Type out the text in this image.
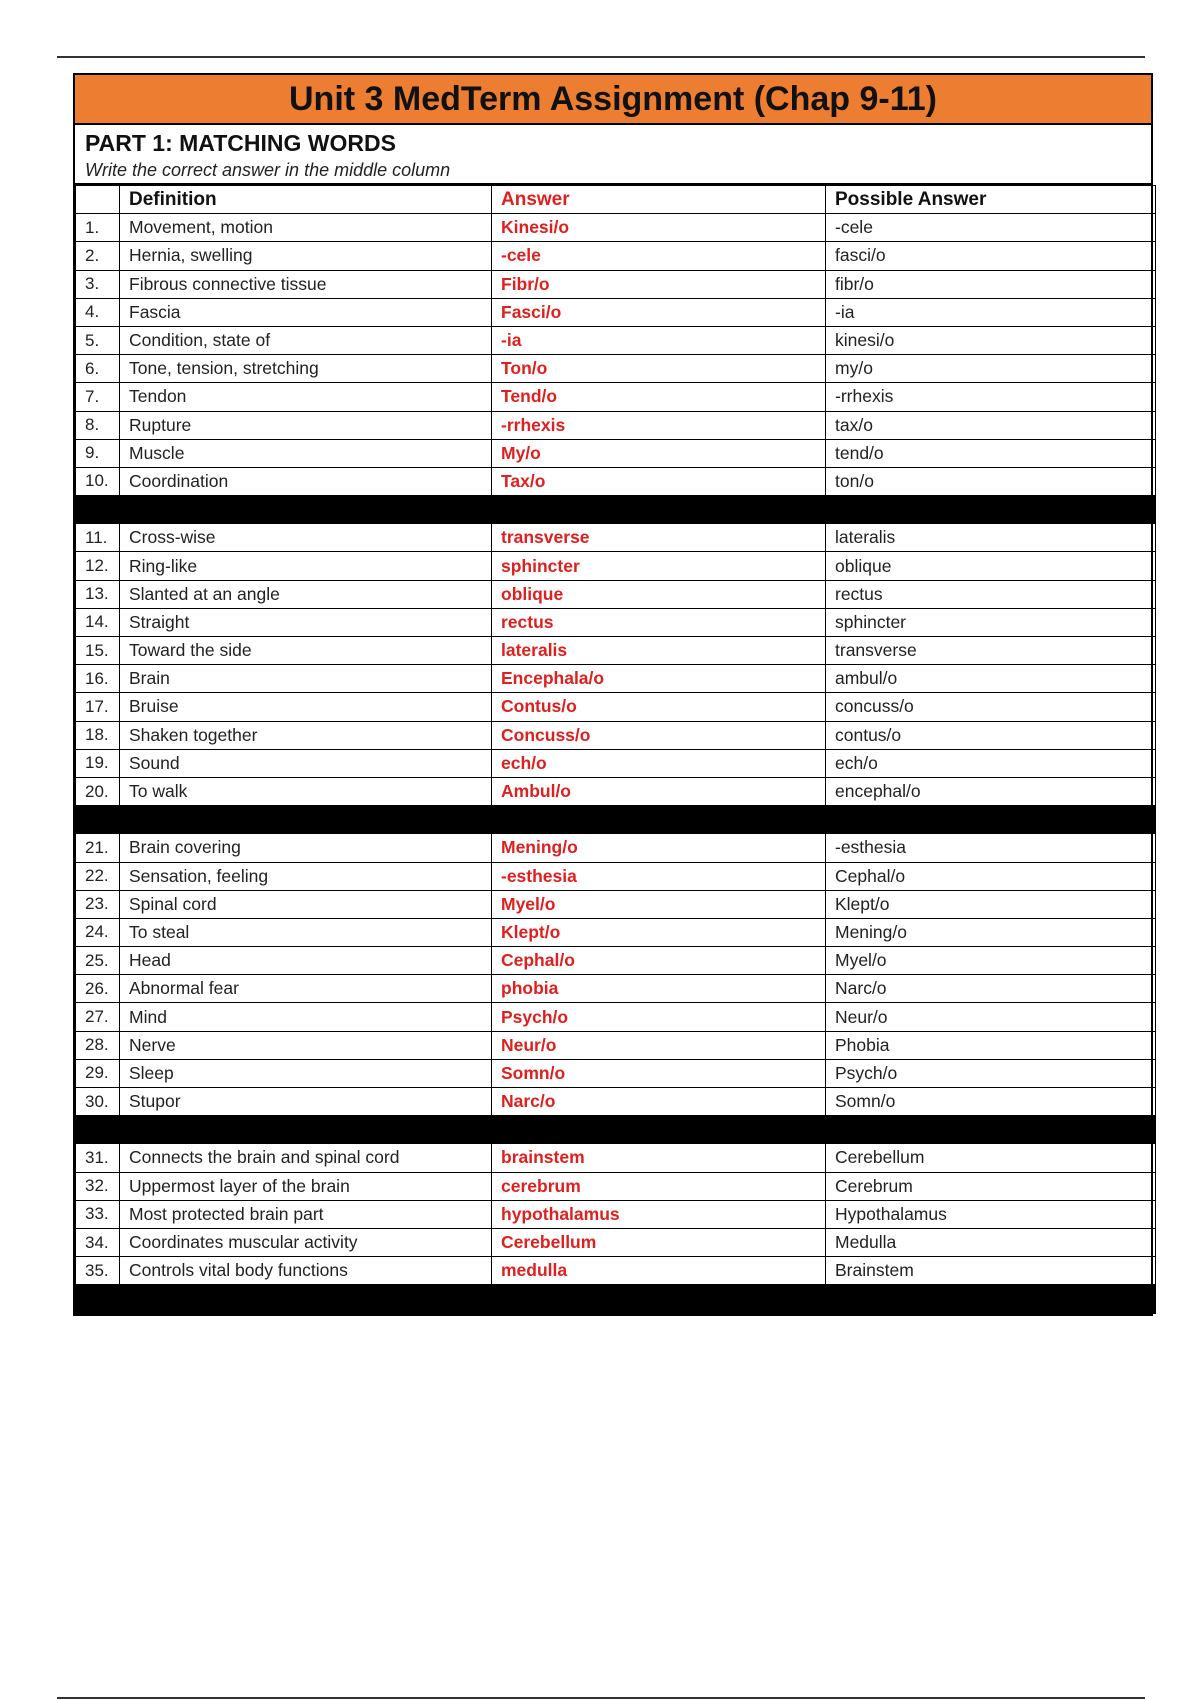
Unit 3 MedTerm Assignment (Chap 9-11)
PART 1: MATCHING WORDS
Write the correct answer in the middle column
	Definition	Answer	Possible Answer
1.	Movement, motion	Kinesi/o	-cele
2.	Hernia, swelling	-cele	fasci/o
3.	Fibrous connective tissue	Fibr/o	fibr/o
4.	Fascia	Fasci/o	-ia
5.	Condition, state of	-ia	kinesi/o
6.	Tone, tension, stretching	Ton/o	my/o
7.	Tendon	Tend/o	-rrhexis
8.	Rupture	-rrhexis	tax/o
9.	Muscle	My/o	tend/o
10.	Coordination	Tax/o	ton/o

11.	Cross-wise	transverse	lateralis
12.	Ring-like	sphincter	oblique
13.	Slanted at an angle	oblique	rectus
14.	Straight	rectus	sphincter
15.	Toward the side	lateralis	transverse
16.	Brain	Encephala/o	ambul/o
17.	Bruise	Contus/o	concuss/o
18.	Shaken together	Concuss/o	contus/o
19.	Sound	ech/o	ech/o
20.	To walk	Ambul/o	encephal/o

21.	Brain covering	Mening/o	-esthesia
22.	Sensation, feeling	-esthesia	Cephal/o
23.	Spinal cord	Myel/o	Klept/o
24.	To steal	Klept/o	Mening/o
25.	Head	Cephal/o	Myel/o
26.	Abnormal fear	phobia	Narc/o
27.	Mind	Psych/o	Neur/o
28.	Nerve	Neur/o	Phobia
29.	Sleep	Somn/o	Psych/o
30.	Stupor	Narc/o	Somn/o

31.	Connects the brain and spinal cord	brainstem	Cerebellum
32.	Uppermost layer of the brain	cerebrum	Cerebrum
33.	Most protected brain part	hypothalamus	Hypothalamus
34.	Coordinates muscular activity	Cerebellum	Medulla
35.	Controls vital body functions	medulla	Brainstem
